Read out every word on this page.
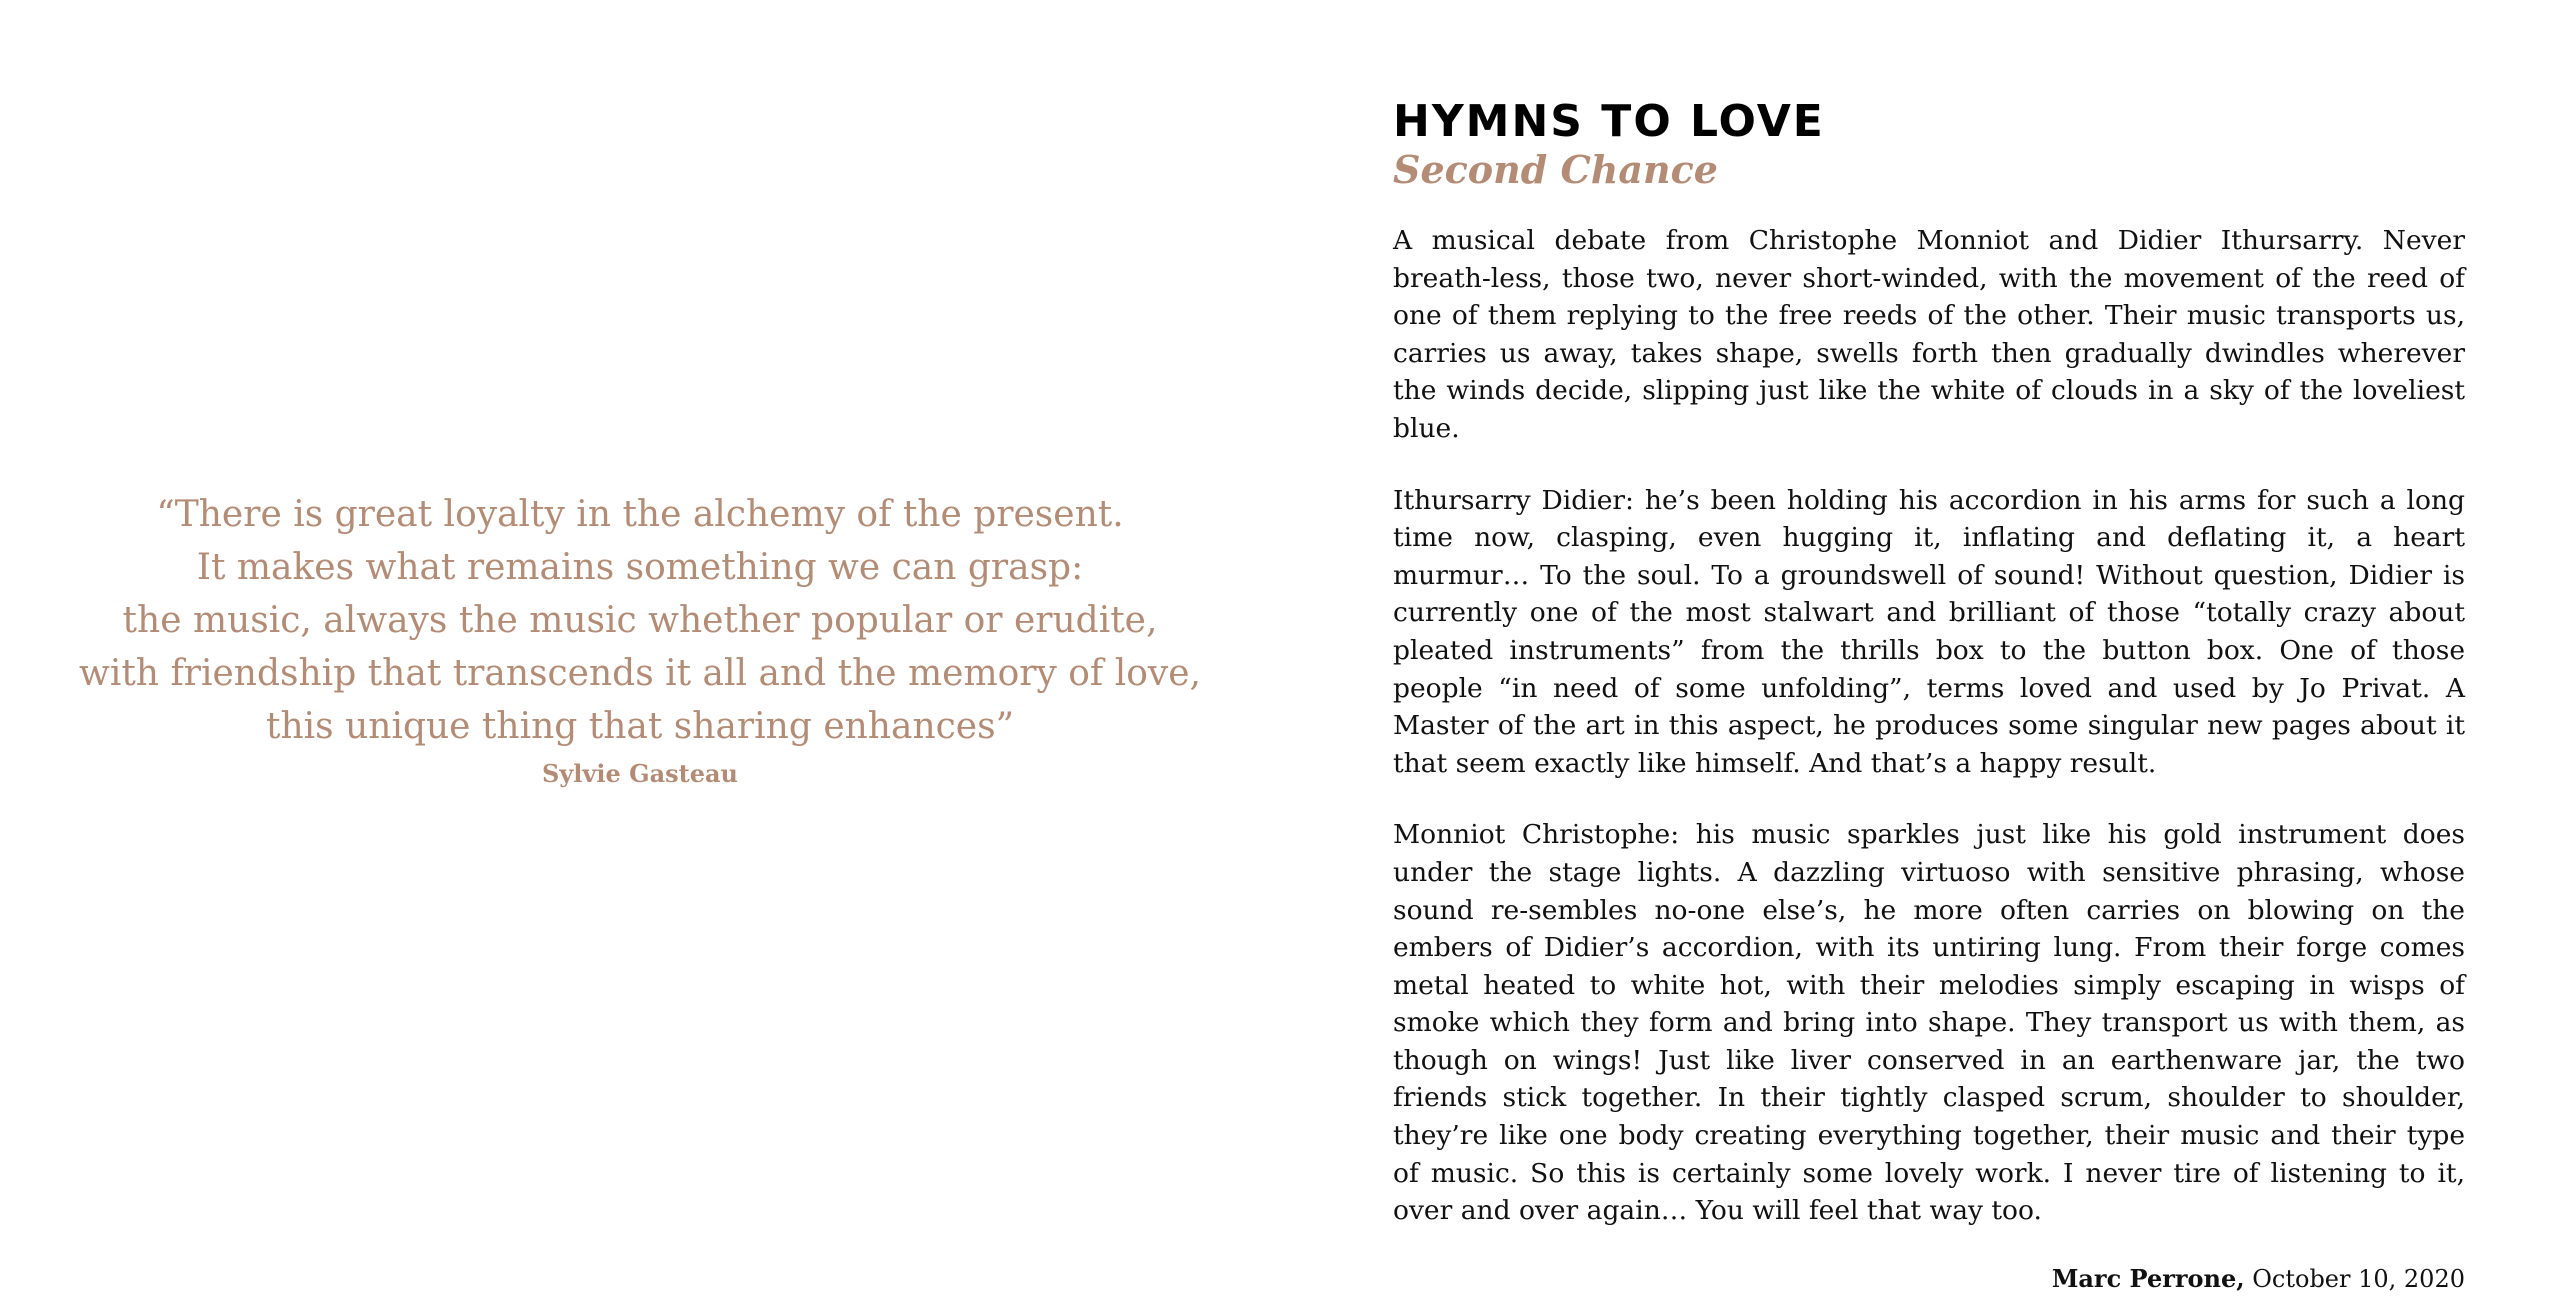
“There is great loyalty in the alchemy of the present.
It makes what remains something we can grasp:
the music, always the music whether popular or erudite,
with friendship that transcends it all and the memory of love,
this unique thing that sharing enhances”
Sylvie Gasteau
HYMNS TO LOVE
Second Chance

A musical debate from Christophe Monniot and Didier Ithursarry. Never breath-less, those two, never short-winded, with the movement of the reed of one of them replying to the free reeds of the other. Their music transports us, carries us away, takes shape, swells forth then gradually dwindles wherever the winds decide, slipping just like the white of clouds in a sky of the loveliest blue.

Ithursarry Didier: he’s been holding his accordion in his arms for such a long time now, clasping, even hugging it, inflating and deflating it, a heart murmur… To the soul. To a groundswell of sound! Without question, Didier is currently one of the most stalwart and brilliant of those “totally crazy about pleated instruments” from the thrills box to the button box. One of those people “in need of some unfolding”, terms loved and used by Jo Privat. A Master of the art in this aspect, he produces some singular new pages about it that seem exactly like himself. And that’s a happy result.

Monniot Christophe: his music sparkles just like his gold instrument does under the stage lights. A dazzling virtuoso with sensitive phrasing, whose sound re-sembles no-one else’s, he more often carries on blowing on the embers of Didier’s accordion, with its untiring lung. From their forge comes metal heated to white hot, with their melodies simply escaping in wisps of smoke which they form and bring into shape. They transport us with them, as though on wings! Just like liver conserved in an earthenware jar, the two friends stick together. In their tightly clasped scrum, shoulder to shoulder, they’re like one body creating everything together, their music and their type of music. So this is certainly some lovely work. I never tire of listening to it, over and over again… You will feel that way too.

Marc Perrone, October 10, 2020
